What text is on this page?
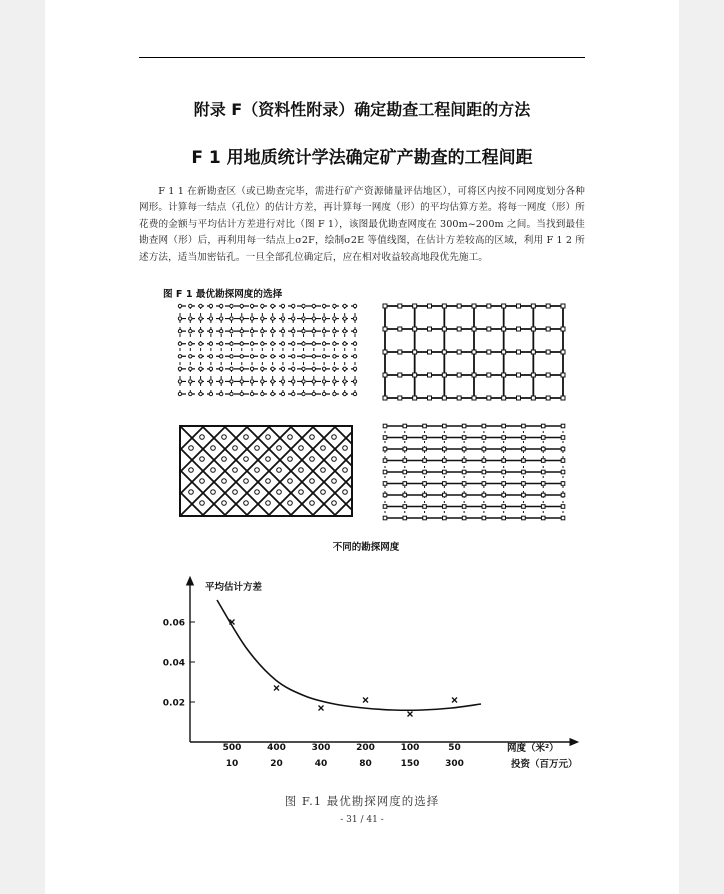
附录 F（资料性附录）确定勘查工程间距的方法
F 1 用地质统计学法确定矿产勘查的工程间距
F 1 1 在新勘查区（或已勘查完毕，需进行矿产资源储量评估地区），可将区内按不同网度划分各种网形。计算每一结点（孔位）的估计方差，再计算每一网度（形）的平均估算方差。将每一网度（形）所花费的金额与平均估计方差进行对比（图 F 1），该图最优勘查网度在 300m~200m 之间。当找到最佳勘查网（形）后，再利用每一结点上σ2F，绘制σ2E 等值线图，在估计方差较高的区域，利用 F 1 2 所述方法，适当加密钻孔。一旦全部孔位确定后，应在相对收益较高地段优先施工。
图 F 1 最优勘探网度的选择
不同的勘探网度
平均估计方差
网度（米²）
投资（百万元）
0.06
0.04
0.02
500	400	300	200	100	50
10	20	40	80	150	300
图 F.1 最优勘探网度的选择
- 31 / 41 -
